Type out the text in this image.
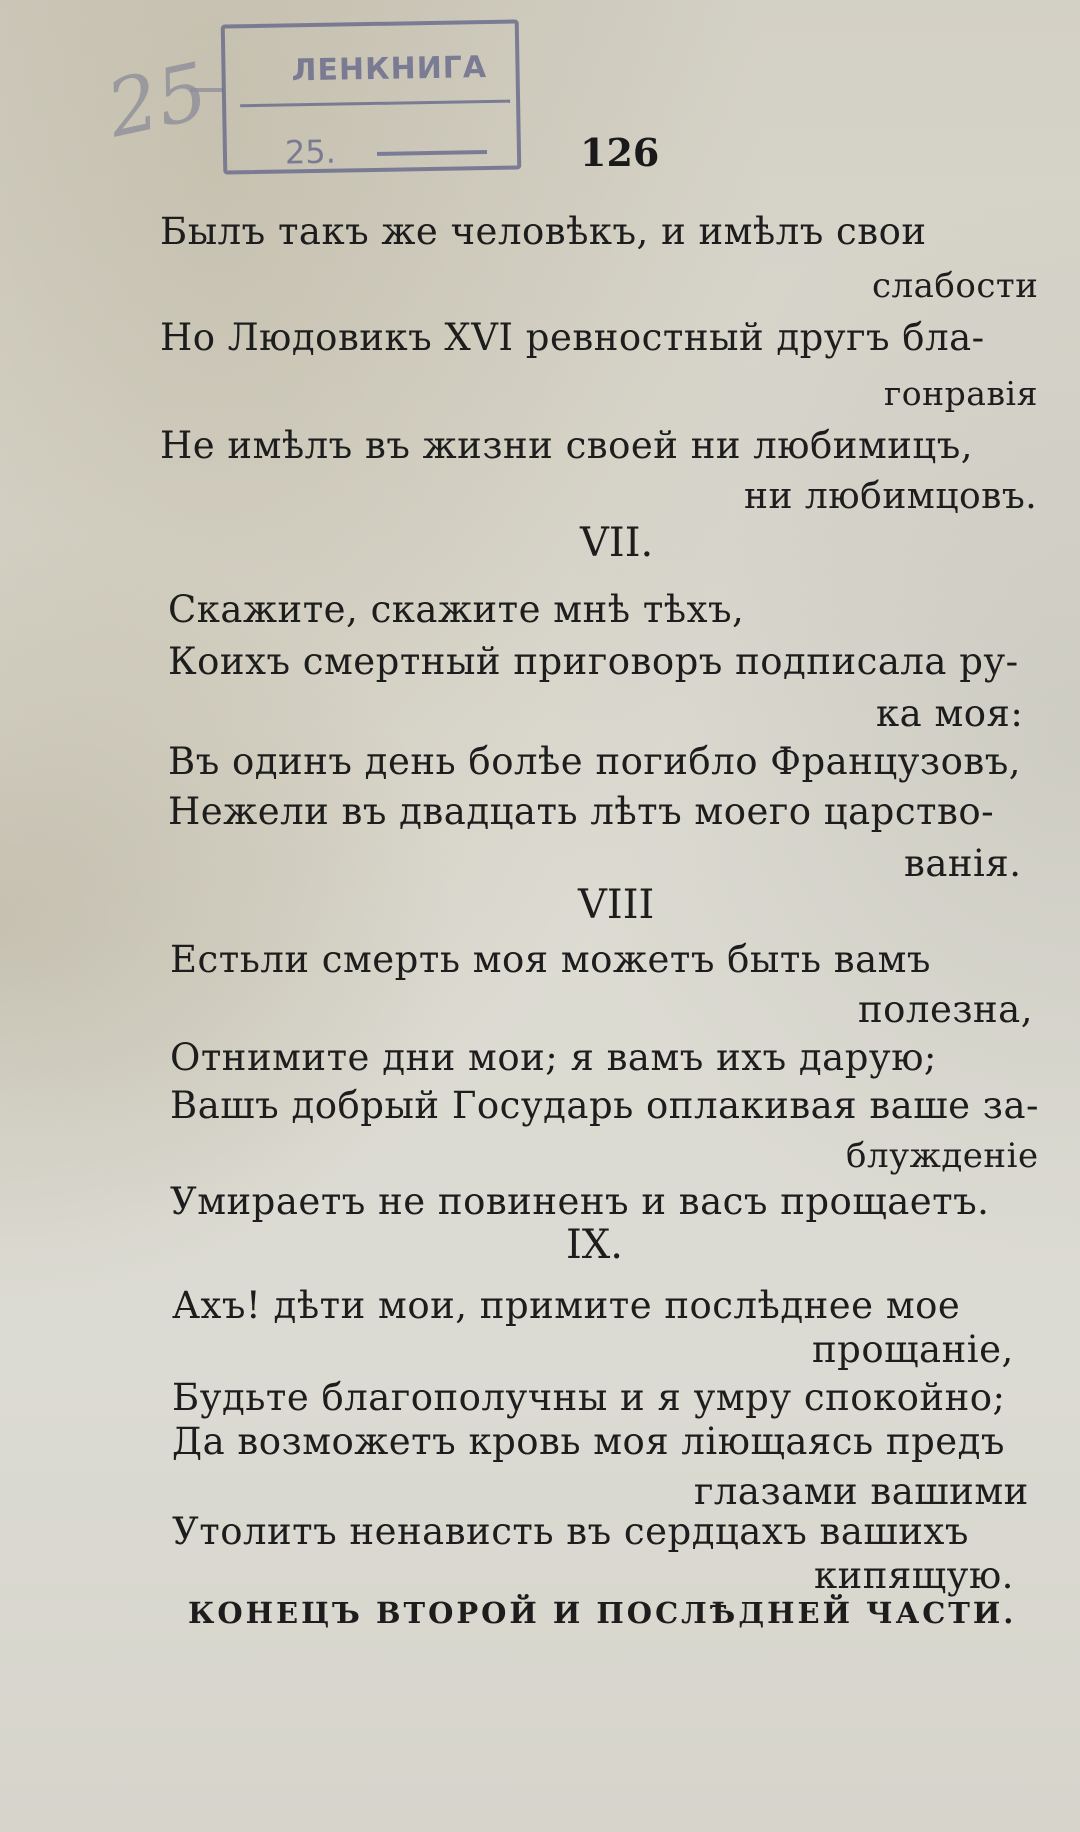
25	ЛЕНКНИГА
25.	126

Былъ такъ же человѣкъ, и имѣлъ свои

слабости

Но Людовикъ XVI ревностный другъ бла-

гонравія

Не имѣлъ въ жизни своей ни любимицъ,

ни любимцовъ.

VII.

Скажите, скажите мнѣ тѣхъ,

Коихъ смертный приговоръ подписала ру-

ка моя:

Въ одинъ день болѣе погибло Французовъ,

Нежели въ двадцать лѣтъ моего царство-

ванія.

VIII

Естьли смерть моя можетъ быть вамъ

полезна,

Отнимите дни мои; я вамъ ихъ дарую;

Вашъ добрый Государь оплакивая ваше за-

блужденіе

Умираетъ не повиненъ и васъ прощаетъ.

IX.

Ахъ! дѣти мои, примите послѣднее мое

прощаніе,

Будьте благополучны и я умру спокойно;

Да возможетъ кровь моя ліющаясь предъ

глазами вашими

Утолитъ ненависть въ сердцахъ вашихъ

кипящую.

КОНЕЦЪ ВТОРОЙ И ПОСЛѢДНЕЙ ЧАСТИ.
